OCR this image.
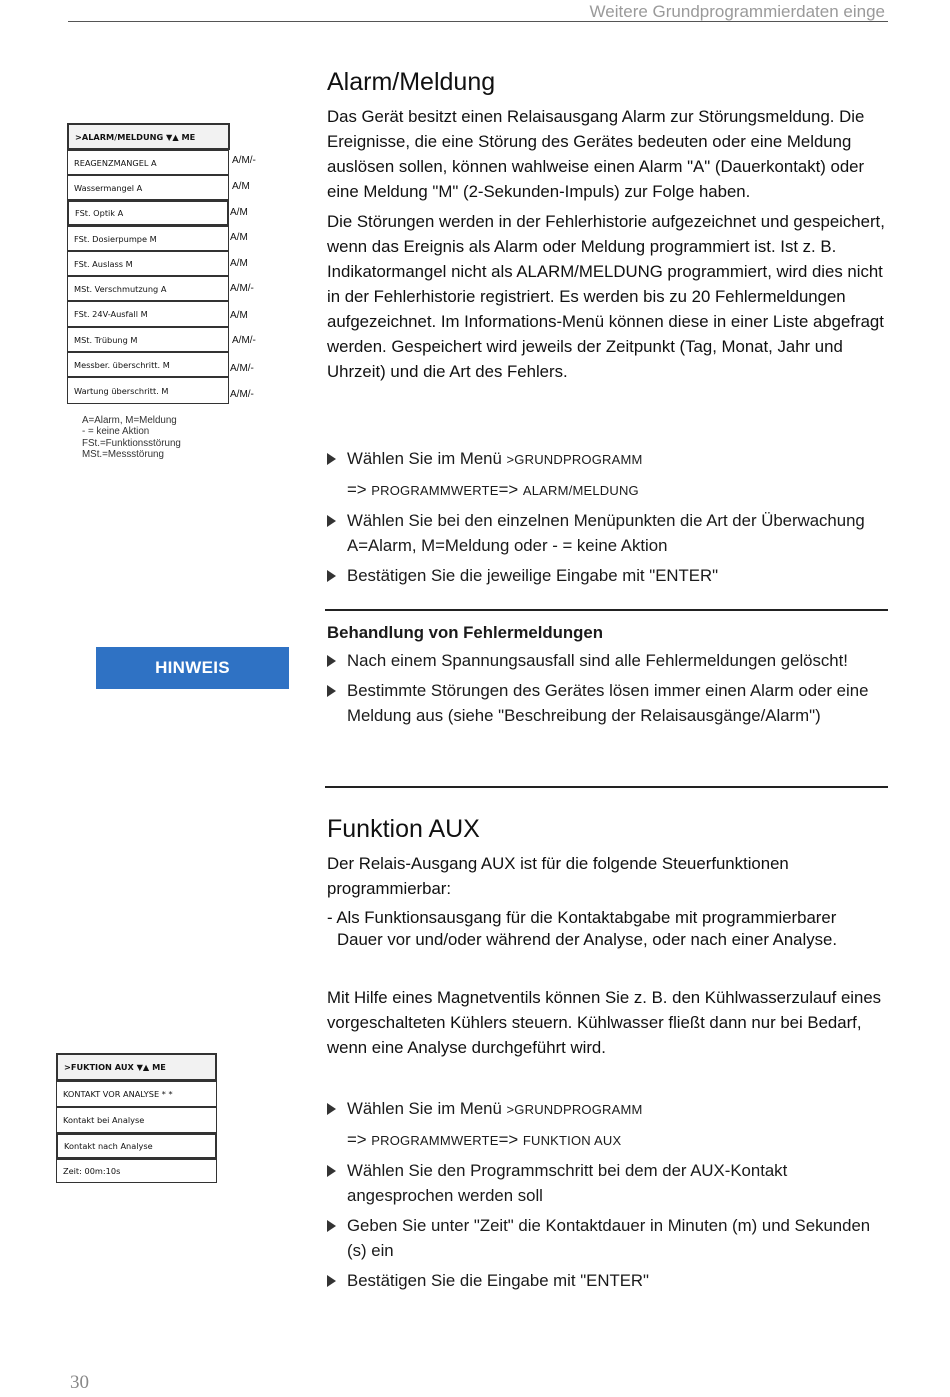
Weitere Grundprogrammierdaten einge
Alarm/Meldung

Das Gerät besitzt einen Relaisausgang Alarm zur Störungsmeldung. Die Ereignisse, die eine Störung des Gerätes bedeuten oder eine Meldung auslösen sollen, können wahlweise einen Alarm "A" (Dauerkontakt) oder eine Meldung "M" (2-Sekunden-Impuls) zur Folge haben.

Die Störungen werden in der Fehlerhistorie aufgezeichnet und gespeichert, wenn das Ereignis als Alarm oder Meldung programmiert ist. Ist z. B. Indikatormangel nicht als ALARM/MELDUNG programmiert, wird dies nicht in der Fehlerhistorie registriert. Es werden bis zu 20 Fehlermeldungen aufgezeichnet. Im Informations-Menü können diese in einer Liste abgefragt werden. Gespeichert wird jeweils der Zeitpunkt (Tag, Monat, Jahr und Uhrzeit) und die Art des Fehlers.

Wählen Sie im Menü >GRUNDPROGRAMM
=> PROGRAMMWERTE=> ALARM/MELDUNG
Wählen Sie bei den einzelnen Menüpunkten die Art der Überwachung A=Alarm, M=Meldung oder - = keine Aktion
Bestätigen Sie die jeweilige Eingabe mit "ENTER"
>ALARM/MELDUNG ▼▲ ME
REAGENZMANGEL A
Wassermangel A
FSt. Optik A
FSt. Dosierpumpe M
FSt. Auslass M
MSt. Verschmutzung A
FSt. 24V-Ausfall M
MSt. Trübung M
Messber. überschritt. M
Wartung überschritt. M
A/M/-
A/M
A/M
A/M
A/M
A/M/-
A/M
A/M/-
A/M/-
A/M/-
A=Alarm, M=Meldung
- = keine Aktion
FSt.=Funktionsstörung
MSt.=Messstörung
HINWEIS
Behandlung von Fehlermeldungen
Nach einem Spannungsausfall sind alle Fehlermeldungen gelöscht!
Bestimmte Störungen des Gerätes lösen immer einen Alarm oder eine Meldung aus (siehe "Beschreibung der Relaisausgänge/Alarm")
Funktion AUX

Der Relais-Ausgang AUX ist für die folgende Steuerfunktionen programmierbar:

- Als Funktionsausgang für die Kontaktabgabe mit programmierbarer
Dauer vor und/oder während der Analyse, oder nach einer Analyse.
Mit Hilfe eines Magnetventils können Sie z. B. den Kühlwasserzulauf eines vorgeschalteten Kühlers steuern. Kühlwasser fließt dann nur bei Bedarf, wenn eine Analyse durchgeführt wird.
Wählen Sie im Menü >GRUNDPROGRAMM
=> PROGRAMMWERTE=> FUNKTION AUX
Wählen Sie den Programmschritt bei dem der AUX-Kontakt angesprochen werden soll
Geben Sie unter "Zeit" die Kontaktdauer in Minuten (m) und Sekunden (s) ein
Bestätigen Sie die Eingabe mit "ENTER"
>FUKTION AUX ▼▲ ME
KONTAKT VOR ANALYSE * *
Kontakt bei Analyse
Kontakt nach Analyse
Zeit: 00m:10s
30
